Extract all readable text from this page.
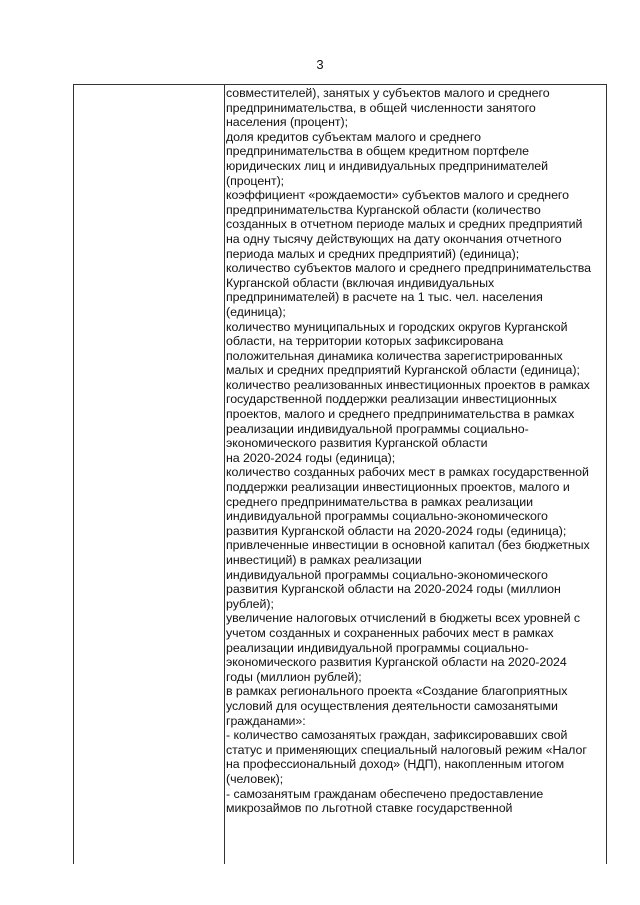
3
совместителей), занятых у субъектов малого и среднего
предпринимательства, в общей численности занятого
населения (процент);
доля кредитов субъектам малого и среднего
предпринимательства в общем кредитном портфеле
юридических лиц и индивидуальных предпринимателей
(процент);
коэффициент «рождаемости» субъектов малого и среднего
предпринимательства Курганской области (количество
созданных в отчетном периоде малых и средних предприятий
на одну тысячу действующих на дату окончания отчетного
периода малых и средних предприятий) (единица);
количество субъектов малого и среднего предпринимательства
Курганской области (включая индивидуальных
предпринимателей) в расчете на 1 тыс. чел. населения
(единица);
количество муниципальных и городских округов Курганской
области, на территории которых зафиксирована
положительная динамика количества зарегистрированных
малых и средних предприятий Курганской области (единица);
количество реализованных инвестиционных проектов в рамках
государственной поддержки реализации инвестиционных
проектов, малого и среднего предпринимательства в рамках
реализации индивидуальной программы социально-
экономического развития Курганской области
на 2020-2024 годы (единица);
количество созданных рабочих мест в рамках государственной
поддержки реализации инвестиционных проектов, малого и
среднего предпринимательства в рамках реализации
индивидуальной программы социально-экономического
развития Курганской области на 2020-2024 годы (единица);
привлеченные инвестиции в основной капитал (без бюджетных
инвестиций) в рамках реализации
индивидуальной программы социально-экономического
развития Курганской области на 2020-2024 годы (миллион
рублей);
увеличение налоговых отчислений в бюджеты всех уровней с
учетом созданных и сохраненных рабочих мест в рамках
реализации индивидуальной программы социально-
экономического развития Курганской области на 2020-2024
годы (миллион рублей);
в рамках регионального проекта «Создание благоприятных
условий для осуществления деятельности самозанятыми
гражданами»:
- количество самозанятых граждан, зафиксировавших свой
статус и применяющих специальный налоговый режим «Налог
на профессиональный доход» (НДП), накопленным итогом
(человек);
- самозанятым гражданам обеспечено предоставление
микрозаймов по льготной ставке государственной
